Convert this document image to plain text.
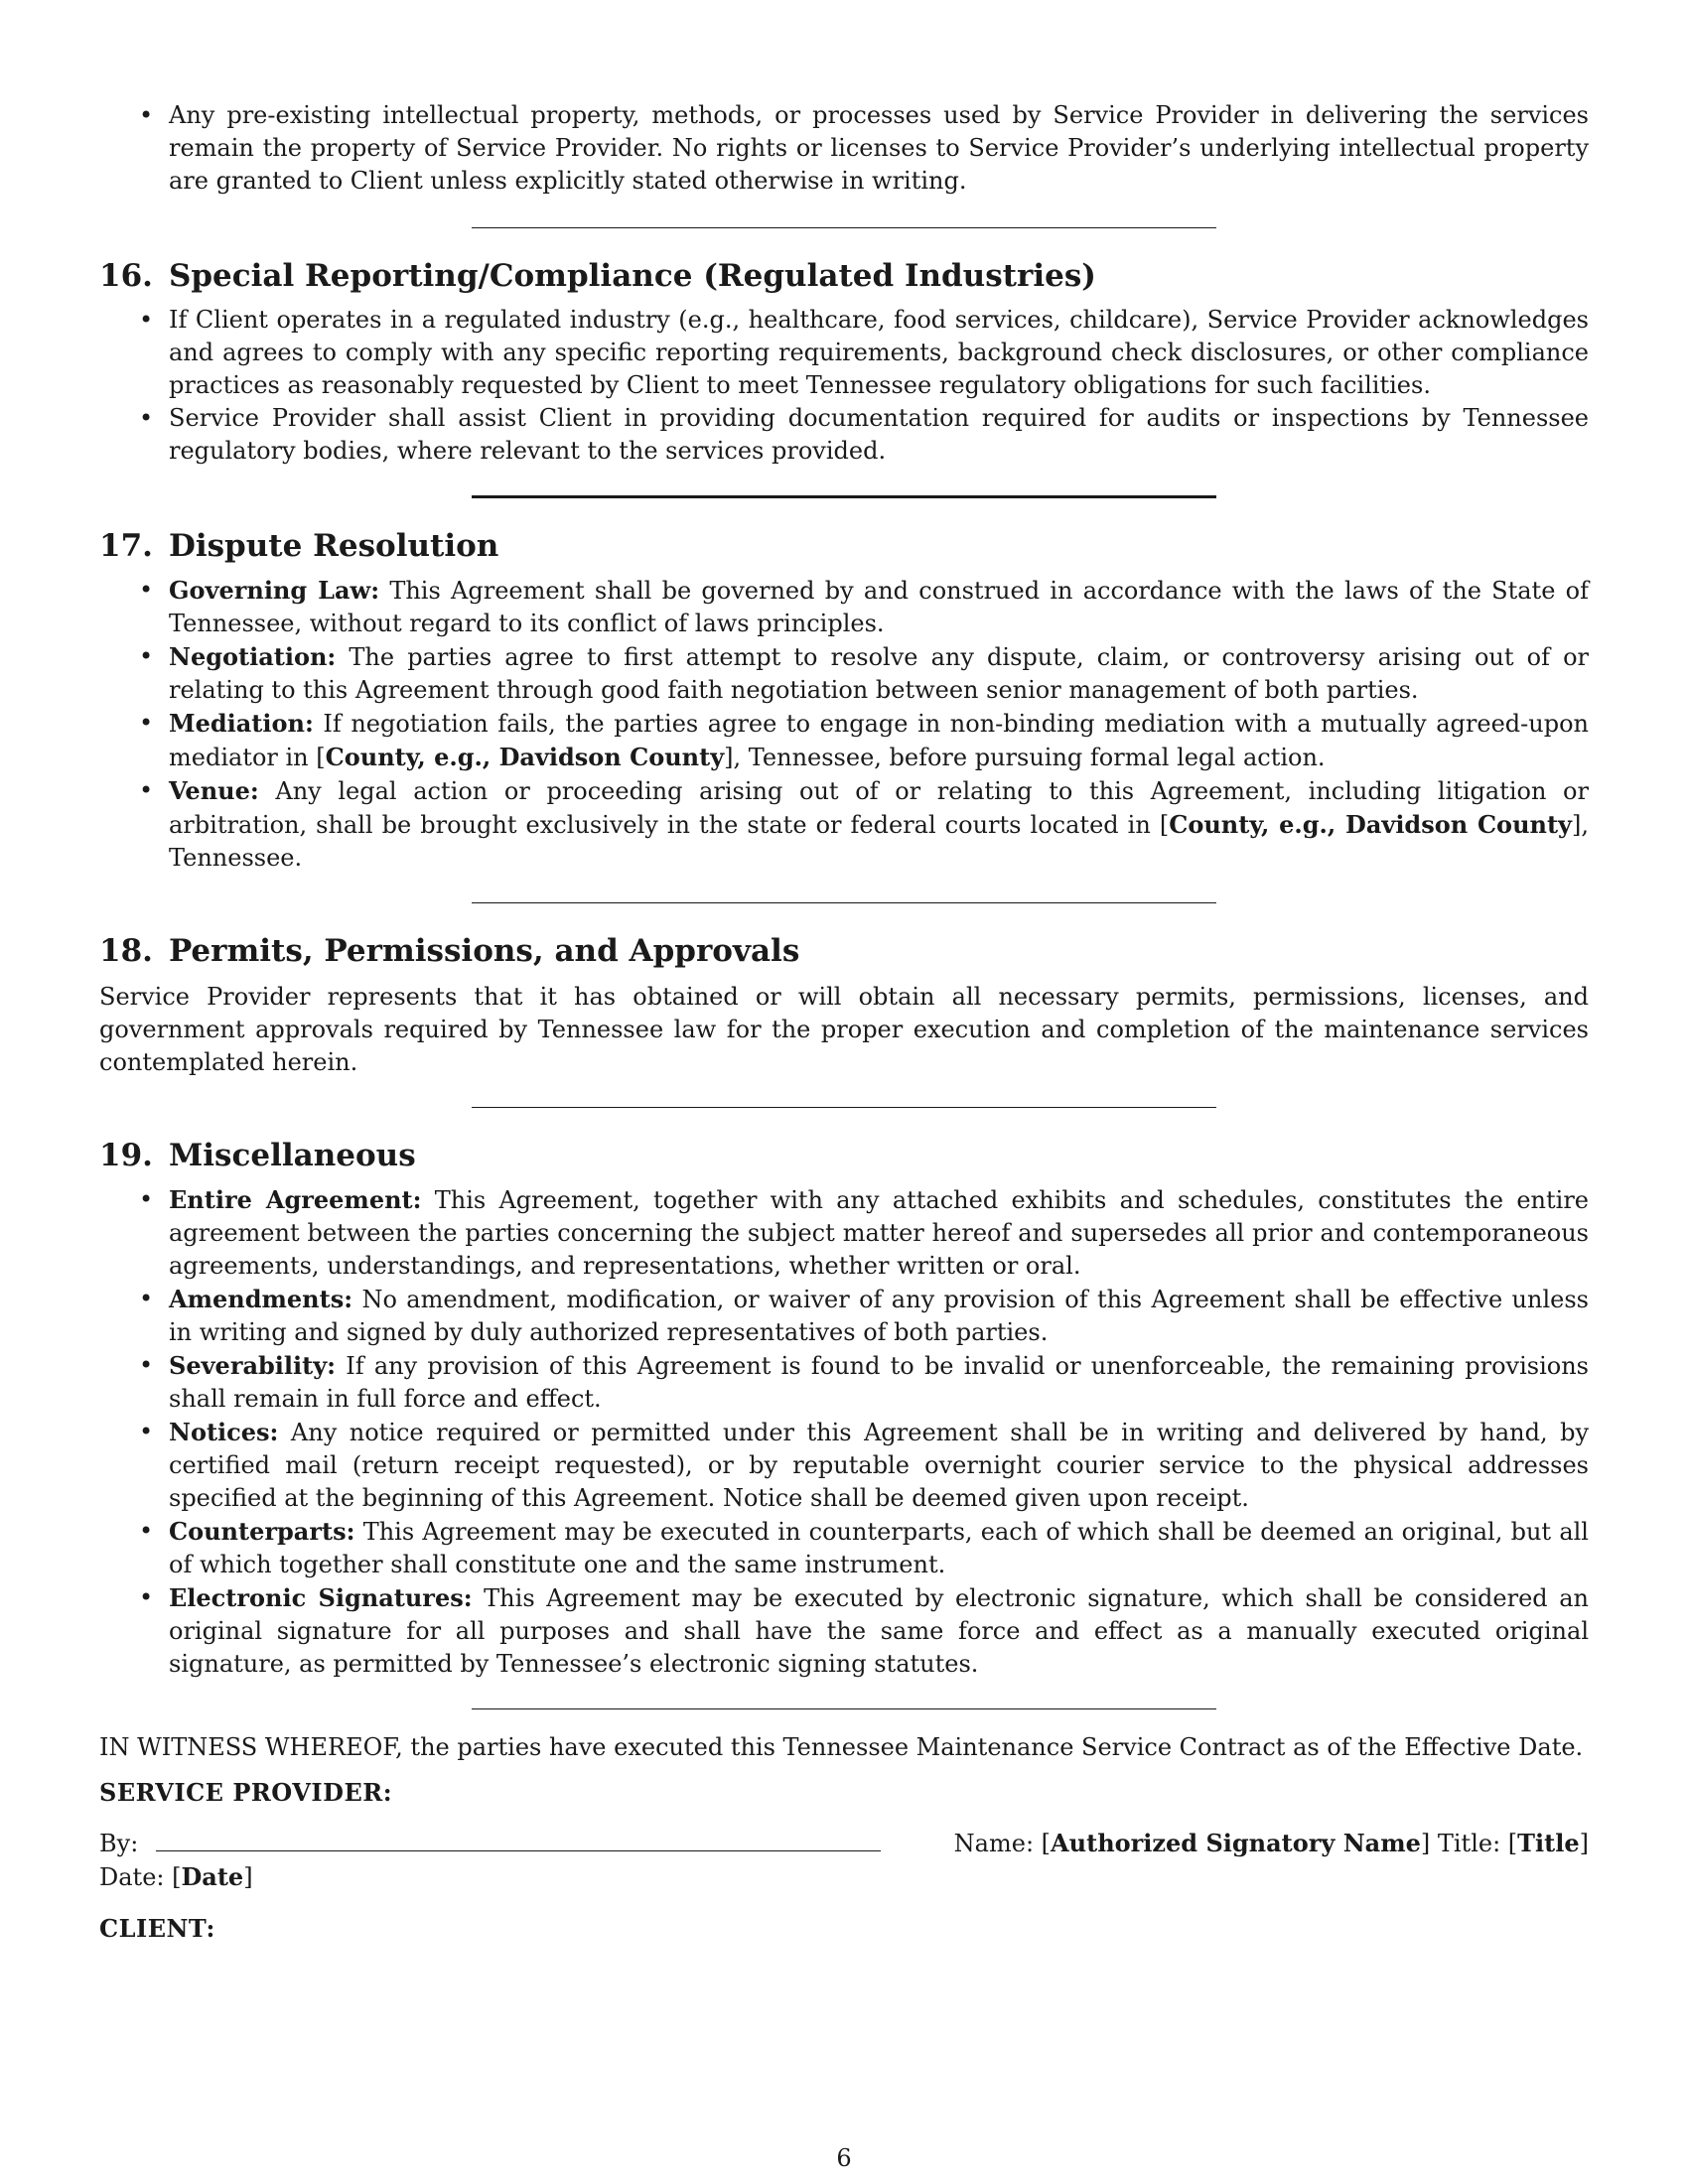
• Any pre-existing intellectual property, methods, or processes used by Service Provider in delivering the services remain the property of Service Provider. No rights or licenses to Service Provider’s underlying intellectual property are granted to Client unless explicitly stated otherwise in writing.
16. Special Reporting/Compliance (Regulated Industries)
• If Client operates in a regulated industry (e.g., healthcare, food services, childcare), Service Provider acknowledges and agrees to comply with any specific reporting requirements, background check disclosures, or other compliance practices as reasonably requested by Client to meet Tennessee regulatory obligations for such facilities.
• Service Provider shall assist Client in providing documentation required for audits or inspections by Tennessee regulatory bodies, where relevant to the services provided.
17. Dispute Resolution
• Governing Law: This Agreement shall be governed by and construed in accordance with the laws of the State of Tennessee, without regard to its conflict of laws principles.
• Negotiation: The parties agree to first attempt to resolve any dispute, claim, or controversy arising out of or relating to this Agreement through good faith negotiation between senior management of both parties.
• Mediation: If negotiation fails, the parties agree to engage in non-binding mediation with a mutually agreed-upon mediator in [County, e.g., Davidson County], Tennessee, before pursuing formal legal action.
• Venue: Any legal action or proceeding arising out of or relating to this Agreement, including litigation or arbitration, shall be brought exclusively in the state or federal courts located in [County, e.g., Davidson County], Tennessee.
18. Permits, Permissions, and Approvals

Service Provider represents that it has obtained or will obtain all necessary permits, permissions, licenses, and government approvals required by Tennessee law for the proper execution and completion of the maintenance services contemplated herein.

19. Miscellaneous
• Entire Agreement: This Agreement, together with any attached exhibits and schedules, constitutes the entire agreement between the parties concerning the subject matter hereof and supersedes all prior and contemporaneous agreements, understandings, and representations, whether written or oral.
• Amendments: No amendment, modification, or waiver of any provision of this Agreement shall be effective unless in writing and signed by duly authorized representatives of both parties.
• Severability: If any provision of this Agreement is found to be invalid or unenforceable, the remaining provisions shall remain in full force and effect.
• Notices: Any notice required or permitted under this Agreement shall be in writing and delivered by hand, by certified mail (return receipt requested), or by reputable overnight courier service to the physical addresses specified at the beginning of this Agreement. Notice shall be deemed given upon receipt.
• Counterparts: This Agreement may be executed in counterparts, each of which shall be deemed an original, but all of which together shall constitute one and the same instrument.
• Electronic Signatures: This Agreement may be executed by electronic signature, which shall be considered an original signature for all purposes and shall have the same force and effect as a manually executed original signature, as permitted by Tennessee’s electronic signing statutes.

IN WITNESS WHEREOF, the parties have executed this Tennessee Maintenance Service Contract as of the Effective Date.

SERVICE PROVIDER:
By:	Name: [Authorized Signatory Name] Title: [Title]
Date: [Date]
CLIENT:
6
